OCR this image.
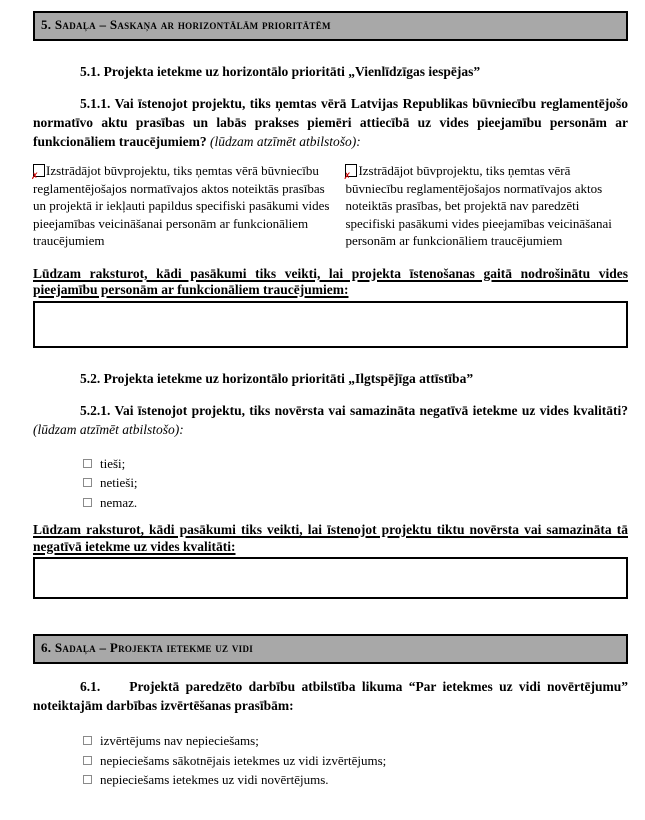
5. Sadaļa – Saskaņa ar horizontālām prioritātēm

5.1. Projekta ietekme uz horizontālo prioritāti „Vienlīdzīgas iespējas”

5.1.1. Vai īstenojot projektu, tiks ņemtas vērā Latvijas Republikas būvniecību reglamentējošo normatīvo aktu prasības un labās prakses piemēri attiecībā uz vides pieejamību personām ar funkcionāliem traucējumiem? (lūdzam atzīmēt atbilstošo):

✗ Izstrādājot būvprojektu, tiks ņemtas vērā būvniecību reglamentējošajos normatīvajos aktos noteiktās prasības un projektā ir iekļauti papildus specifiski pasākumi vides pieejamības veicināšanai personām ar funkcionāliem traucējumiem
✗ Izstrādājot būvprojektu, tiks ņemtas vērā būvniecību reglamentējošajos normatīvajos aktos noteiktās prasības, bet projektā nav paredzēti specifiski pasākumi vides pieejamības veicināšanai personām ar funkcionāliem traucējumiem

Lūdzam raksturot, kādi pasākumi tiks veikti, lai projekta īstenošanas gaitā nodrošinātu vides pieejamību personām ar funkcionāliem traucējumiem:

5.2. Projekta ietekme uz horizontālo prioritāti „Ilgtspējīga attīstība”

5.2.1. Vai īstenojot projektu, tiks novērsta vai samazināta negatīvā ietekme uz vides kvalitāti? (lūdzam atzīmēt atbilstošo):

tieši;
netieši;
nemaz.

Lūdzam raksturot, kādi pasākumi tiks veikti, lai īstenojot projektu tiktu novērsta vai samazināta tā negatīvā ietekme uz vides kvalitāti:

6. Sadaļa – Projekta ietekme uz vidi

6.1. Projektā paredzēto darbību atbilstība likuma “Par ietekmes uz vidi novērtējumu” noteiktajām darbības izvērtēšanas prasībām:

izvērtējums nav nepieciešams;
nepieciešams sākotnējais ietekmes uz vidi izvērtējums;
nepieciešams ietekmes uz vidi novērtējums.
